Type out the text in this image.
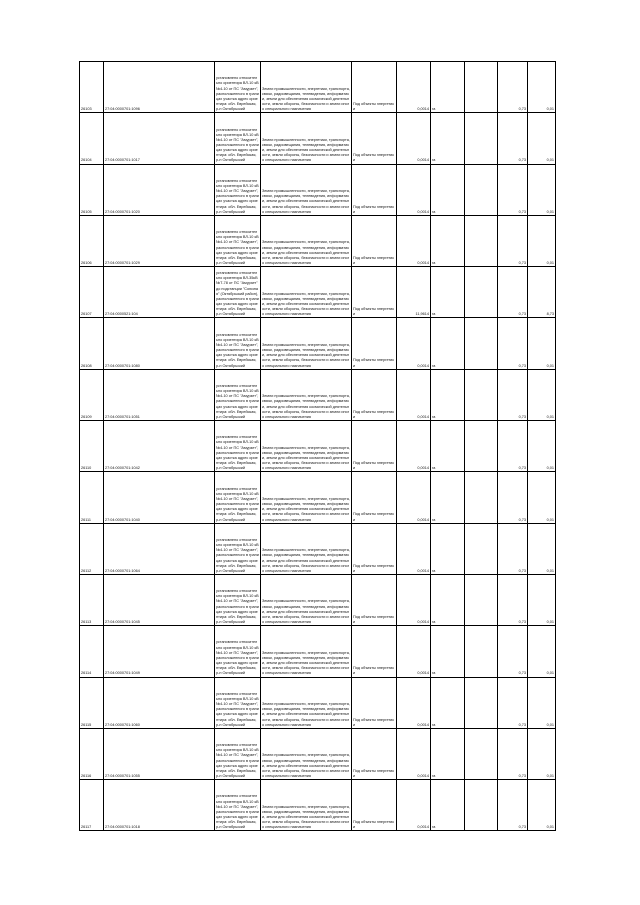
26103	27:04:0000701:1096	установлено относительно ориентира ВЛ-10 кВ №4-10 от ПС "Амурзет", расположенного в границах участка адрес ориентира: обл. Еврейская, р-н Октябрьский	Земли промышленности, энергетики, транспорта, связи, радиовещания, телевидения, информатики, земли для обеспечения космической деятельности, земли обороны, безопасности и земли иного специального назначения	Под объекты энергетики	0,0014	га		0,73	0,01
26104	27:04:0000701:1017	установлено относительно ориентира ВЛ-10 кВ №4-10 от ПС "Амурзет", расположенного в границах участка адрес ориентира: обл. Еврейская, р-н Октябрьский	Земли промышленности, энергетики, транспорта, связи, радиовещания, телевидения, информатики, земли для обеспечения космической деятельности, земли обороны, безопасности и земли иного специального назначения	Под объекты энергетики	0,0014	га		0,73	0,01
26105	27:04:0000701:1020	установлено относительно ориентира ВЛ-10 кВ №4-10 от ПС "Амурзет", расположенного в границах участка адрес ориентира: обл. Еврейская, р-н Октябрьский	Земли промышленности, энергетики, транспорта, связи, радиовещания, телевидения, информатики, земли для обеспечения космической деятельности, земли обороны, безопасности и земли иного специального назначения	Под объекты энергетики	0,0014	га		0,73	0,01
26106	27:04:0000701:1029	установлено относительно ориентира ВЛ-10 кВ №4-10 от ПС "Амурзет", расположенного в границах участка адрес ориентира: обл. Еврейская, р-н Октябрьский	Земли промышленности, энергетики, транспорта, связи, радиовещания, телевидения, информатики, земли для обеспечения космической деятельности, земли обороны, безопасности и земли иного специального назначения	Под объекты энергетики	0,0014	га		0,73	0,01
26107	27:04:0000521:104	установлено относительно ориентира ВЛ-35кВ №Т-78 от ПС "Амурзет" до подстанции "Союзная" (Октябрьский район), расположенного в границах участка адрес ориентира: обл. Еврейская, р-н Октябрьский	Земли промышленности, энергетики, транспорта, связи, радиовещания, телевидения, информатики, земли для обеспечения космической деятельности, земли обороны, безопасности и земли иного специального назначения	Под объекты энергетики	11,9614	га		0,73	8,73
26108	27:04:0000701:1080	установлено относительно ориентира ВЛ-10 кВ №4-10 от ПС "Амурзет", расположенного в границах участка адрес ориентира: обл. Еврейская, р-н Октябрьский	Земли промышленности, энергетики, транспорта, связи, радиовещания, телевидения, информатики, земли для обеспечения космической деятельности, земли обороны, безопасности и земли иного специального назначения	Под объекты энергетики	0,0014	га		0,73	0,01
26109	27:04:0000701:1051	установлено относительно ориентира ВЛ-10 кВ №4-10 от ПС "Амурзет", расположенного в границах участка адрес ориентира: обл. Еврейская, р-н Октябрьский	Земли промышленности, энергетики, транспорта, связи, радиовещания, телевидения, информатики, земли для обеспечения космической деятельности, земли обороны, безопасности и земли иного специального назначения	Под объекты энергетики	0,0014	га		0,73	0,01
26110	27:04:0000701:1042	установлено относительно ориентира ВЛ-10 кВ №4-10 от ПС "Амурзет", расположенного в границах участка адрес ориентира: обл. Еврейская, р-н Октябрьский	Земли промышленности, энергетики, транспорта, связи, радиовещания, телевидения, информатики, земли для обеспечения космической деятельности, земли обороны, безопасности и земли иного специального назначения	Под объекты энергетики	0,0014	га		0,73	0,01
26111	27:04:0000701:1040	установлено относительно ориентира ВЛ-10 кВ №4-10 от ПС "Амурзет", расположенного в границах участка адрес ориентира: обл. Еврейская, р-н Октябрьский	Земли промышленности, энергетики, транспорта, связи, радиовещания, телевидения, информатики, земли для обеспечения космической деятельности, земли обороны, безопасности и земли иного специального назначения	Под объекты энергетики	0,0014	га		0,73	0,01
26112	27:04:0000701:1064	установлено относительно ориентира ВЛ-10 кВ №4-10 от ПС "Амурзет", расположенного в границах участка адрес ориентира: обл. Еврейская, р-н Октябрьский	Земли промышленности, энергетики, транспорта, связи, радиовещания, телевидения, информатики, земли для обеспечения космической деятельности, земли обороны, безопасности и земли иного специального назначения	Под объекты энергетики	0,0014	га		0,73	0,01
26113	27:04:0000701:1045	установлено относительно ориентира ВЛ-10 кВ №4-10 от ПС "Амурзет", расположенного в границах участка адрес ориентира: обл. Еврейская, р-н Октябрьский	Земли промышленности, энергетики, транспорта, связи, радиовещания, телевидения, информатики, земли для обеспечения космической деятельности, земли обороны, безопасности и земли иного специального назначения	Под объекты энергетики	0,0014	га		0,73	0,01
26114	27:04:0000701:1049	установлено относительно ориентира ВЛ-10 кВ №4-10 от ПС "Амурзет", расположенного в границах участка адрес ориентира: обл. Еврейская, р-н Октябрьский	Земли промышленности, энергетики, транспорта, связи, радиовещания, телевидения, информатики, земли для обеспечения космической деятельности, земли обороны, безопасности и земли иного специального назначения	Под объекты энергетики	0,0014	га		0,73	0,01
26115	27:04:0000701:1060	установлено относительно ориентира ВЛ-10 кВ №4-10 от ПС "Амурзет", расположенного в границах участка адрес ориентира: обл. Еврейская, р-н Октябрьский	Земли промышленности, энергетики, транспорта, связи, радиовещания, телевидения, информатики, земли для обеспечения космической деятельности, земли обороны, безопасности и земли иного специального назначения	Под объекты энергетики	0,0014	га		0,73	0,01
26116	27:04:0000701:1055	установлено относительно ориентира ВЛ-10 кВ №4-10 от ПС "Амурзет", расположенного в границах участка адрес ориентира: обл. Еврейская, р-н Октябрьский	Земли промышленности, энергетики, транспорта, связи, радиовещания, телевидения, информатики, земли для обеспечения космической деятельности, земли обороны, безопасности и земли иного специального назначения	Под объекты энергетики	0,0014	га		0,73	0,01
26117	27:04:0000701:1018	установлено относительно ориентира ВЛ-10 кВ №4-10 от ПС "Амурзет", расположенного в границах участка адрес ориентира: обл. Еврейская, р-н Октябрьский	Земли промышленности, энергетики, транспорта, связи, радиовещания, телевидения, информатики, земли для обеспечения космической деятельности, земли обороны, безопасности и земли иного специального назначения	Под объекты энергетики	0,0014	га		0,73	0,01
